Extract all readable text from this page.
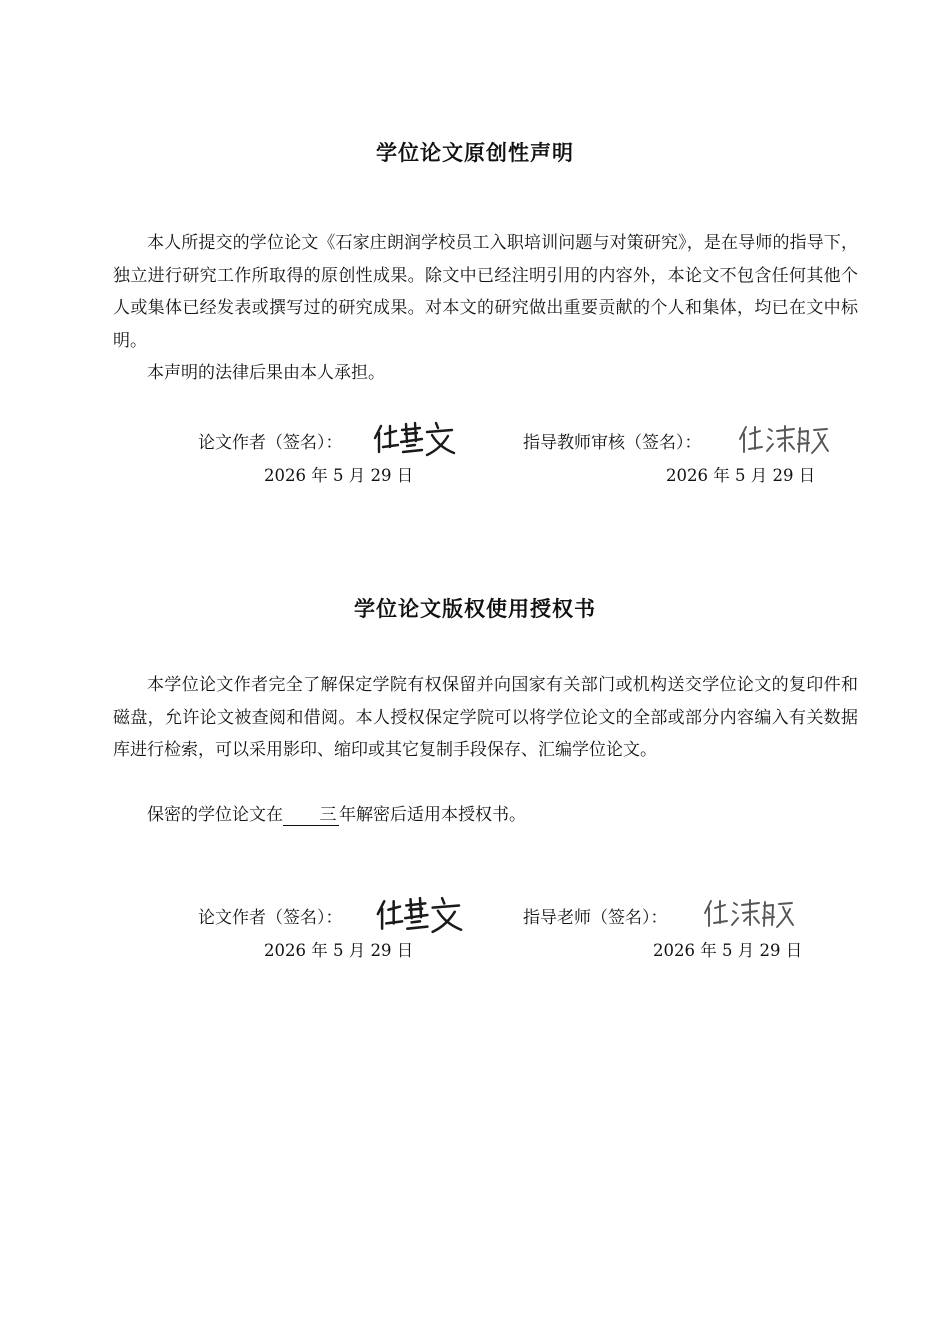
学位论文原创性声明

本人所提交的学位论文《石家庄朗润学校员工入职培训问题与对策研究》，是在导师的指导下，独立进行研究工作所取得的原创性成果。除文中已经注明引用的内容外，本论文不包含任何其他个人或集体已经发表或撰写过的研究成果。对本文的研究做出重要贡献的个人和集体，均已在文中标明。

本声明的法律后果由本人承担。

论文作者（签名）：	指导教师审核（签名）：
2026 年 5 月 29 日	2026 年 5 月 29 日
学位论文版权使用授权书

本学位论文作者完全了解保定学院有权保留并向国家有关部门或机构送交学位论文的复印件和磁盘，允许论文被查阅和借阅。本人授权保定学院可以将学位论文的全部或部分内容编入有关数据库进行检索，可以采用影印、缩印或其它复制手段保存、汇编学位论文。

保密的学位论文在 三 年解密后适用本授权书。

论文作者（签名）：	指导老师（签名）：
2026 年 5 月 29 日	2026 年 5 月 29 日
